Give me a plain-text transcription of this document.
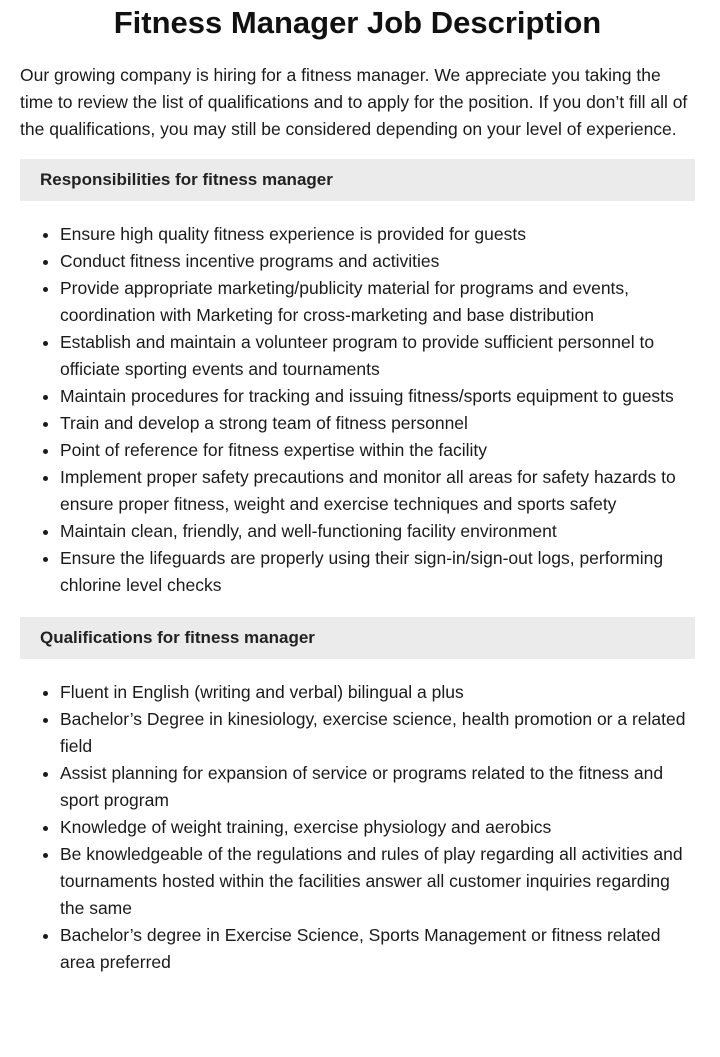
Fitness Manager Job Description

Our growing company is hiring for a fitness manager. We appreciate you taking the time to review the list of qualifications and to apply for the position. If you don’t fill all of the qualifications, you may still be considered depending on your level of experience.

Responsibilities for fitness manager
• Ensure high quality fitness experience is provided for guests
• Conduct fitness incentive programs and activities
• Provide appropriate marketing/publicity material for programs and events, coordination with Marketing for cross-marketing and base distribution
• Establish and maintain a volunteer program to provide sufficient personnel to officiate sporting events and tournaments
• Maintain procedures for tracking and issuing fitness/sports equipment to guests
• Train and develop a strong team of fitness personnel
• Point of reference for fitness expertise within the facility
• Implement proper safety precautions and monitor all areas for safety hazards to ensure proper fitness, weight and exercise techniques and sports safety
• Maintain clean, friendly, and well-functioning facility environment
• Ensure the lifeguards are properly using their sign-in/sign-out logs, performing chlorine level checks
Qualifications for fitness manager
• Fluent in English (writing and verbal) bilingual a plus
• Bachelor’s Degree in kinesiology, exercise science, health promotion or a related field
• Assist planning for expansion of service or programs related to the fitness and sport program
• Knowledge of weight training, exercise physiology and aerobics
• Be knowledgeable of the regulations and rules of play regarding all activities and tournaments hosted within the facilities answer all customer inquiries regarding the same
• Bachelor’s degree in Exercise Science, Sports Management or fitness related area preferred
